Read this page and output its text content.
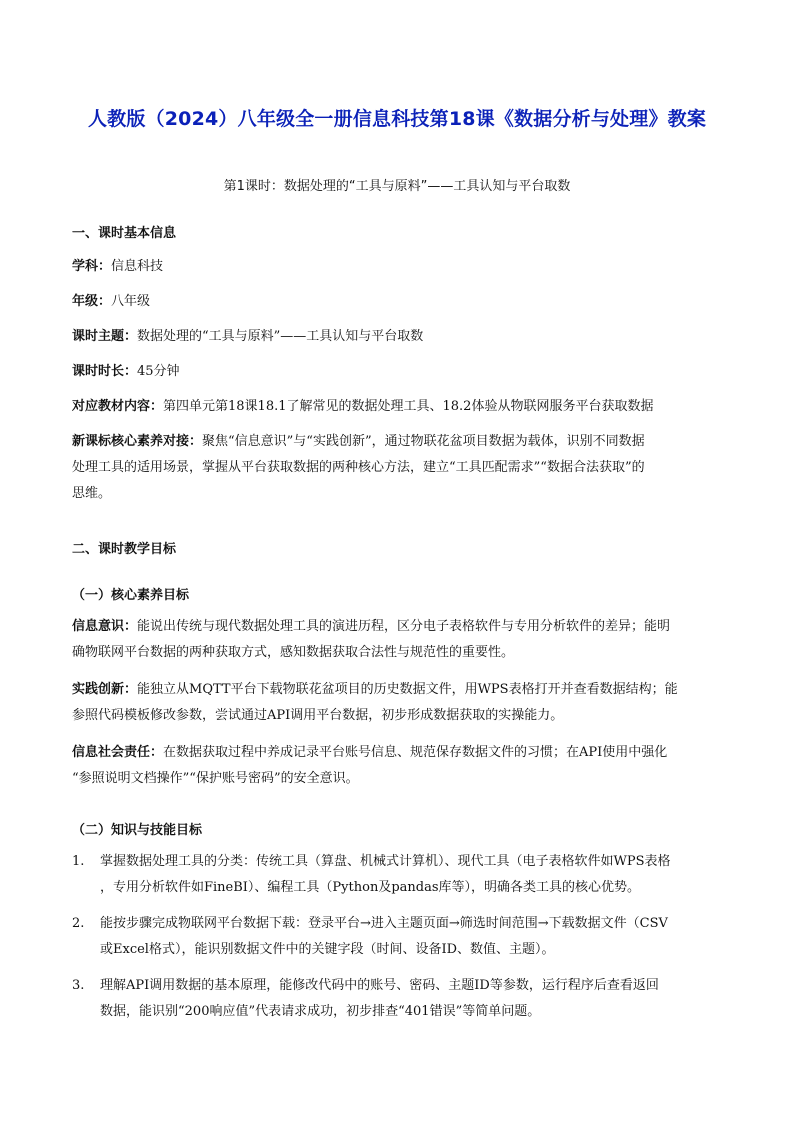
人教版（2024）八年级全一册信息科技第18课《数据分析与处理》教案
第1课时：数据处理的“工具与原料”——工具认知与平台取数
一、课时基本信息
学科：信息科技
年级：八年级
课时主题：数据处理的“工具与原料”——工具认知与平台取数
课时时长：45分钟
对应教材内容：第四单元第18课18.1了解常见的数据处理工具、18.2体验从物联网服务平台获取数据
新课标核心素养对接：聚焦“信息意识”与“实践创新”，通过物联花盆项目数据为载体，识别不同数据
处理工具的适用场景，掌握从平台获取数据的两种核心方法，建立“工具匹配需求”“数据合法获取”的
思维。
二、课时教学目标
（一）核心素养目标
信息意识：能说出传统与现代数据处理工具的演进历程，区分电子表格软件与专用分析软件的差异；能明
确物联网平台数据的两种获取方式，感知数据获取合法性与规范性的重要性。
实践创新：能独立从MQTT平台下载物联花盆项目的历史数据文件，用WPS表格打开并查看数据结构；能
参照代码模板修改参数，尝试通过API调用平台数据，初步形成数据获取的实操能力。
信息社会责任：在数据获取过程中养成记录平台账号信息、规范保存数据文件的习惯；在API使用中强化
“参照说明文档操作”“保护账号密码”的安全意识。
（二）知识与技能目标
1. 掌握数据处理工具的分类：传统工具（算盘、机械式计算机）、现代工具（电子表格软件如WPS表格
，专用分析软件如FineBI）、编程工具（Python及pandas库等），明确各类工具的核心优势。
2. 能按步骤完成物联网平台数据下载：登录平台→进入主题页面→筛选时间范围→下载数据文件（CSV
或Excel格式），能识别数据文件中的关键字段（时间、设备ID、数值、主题）。
3. 理解API调用数据的基本原理，能修改代码中的账号、密码、主题ID等参数，运行程序后查看返回
数据，能识别“200响应值”代表请求成功，初步排查“401错误”等简单问题。
